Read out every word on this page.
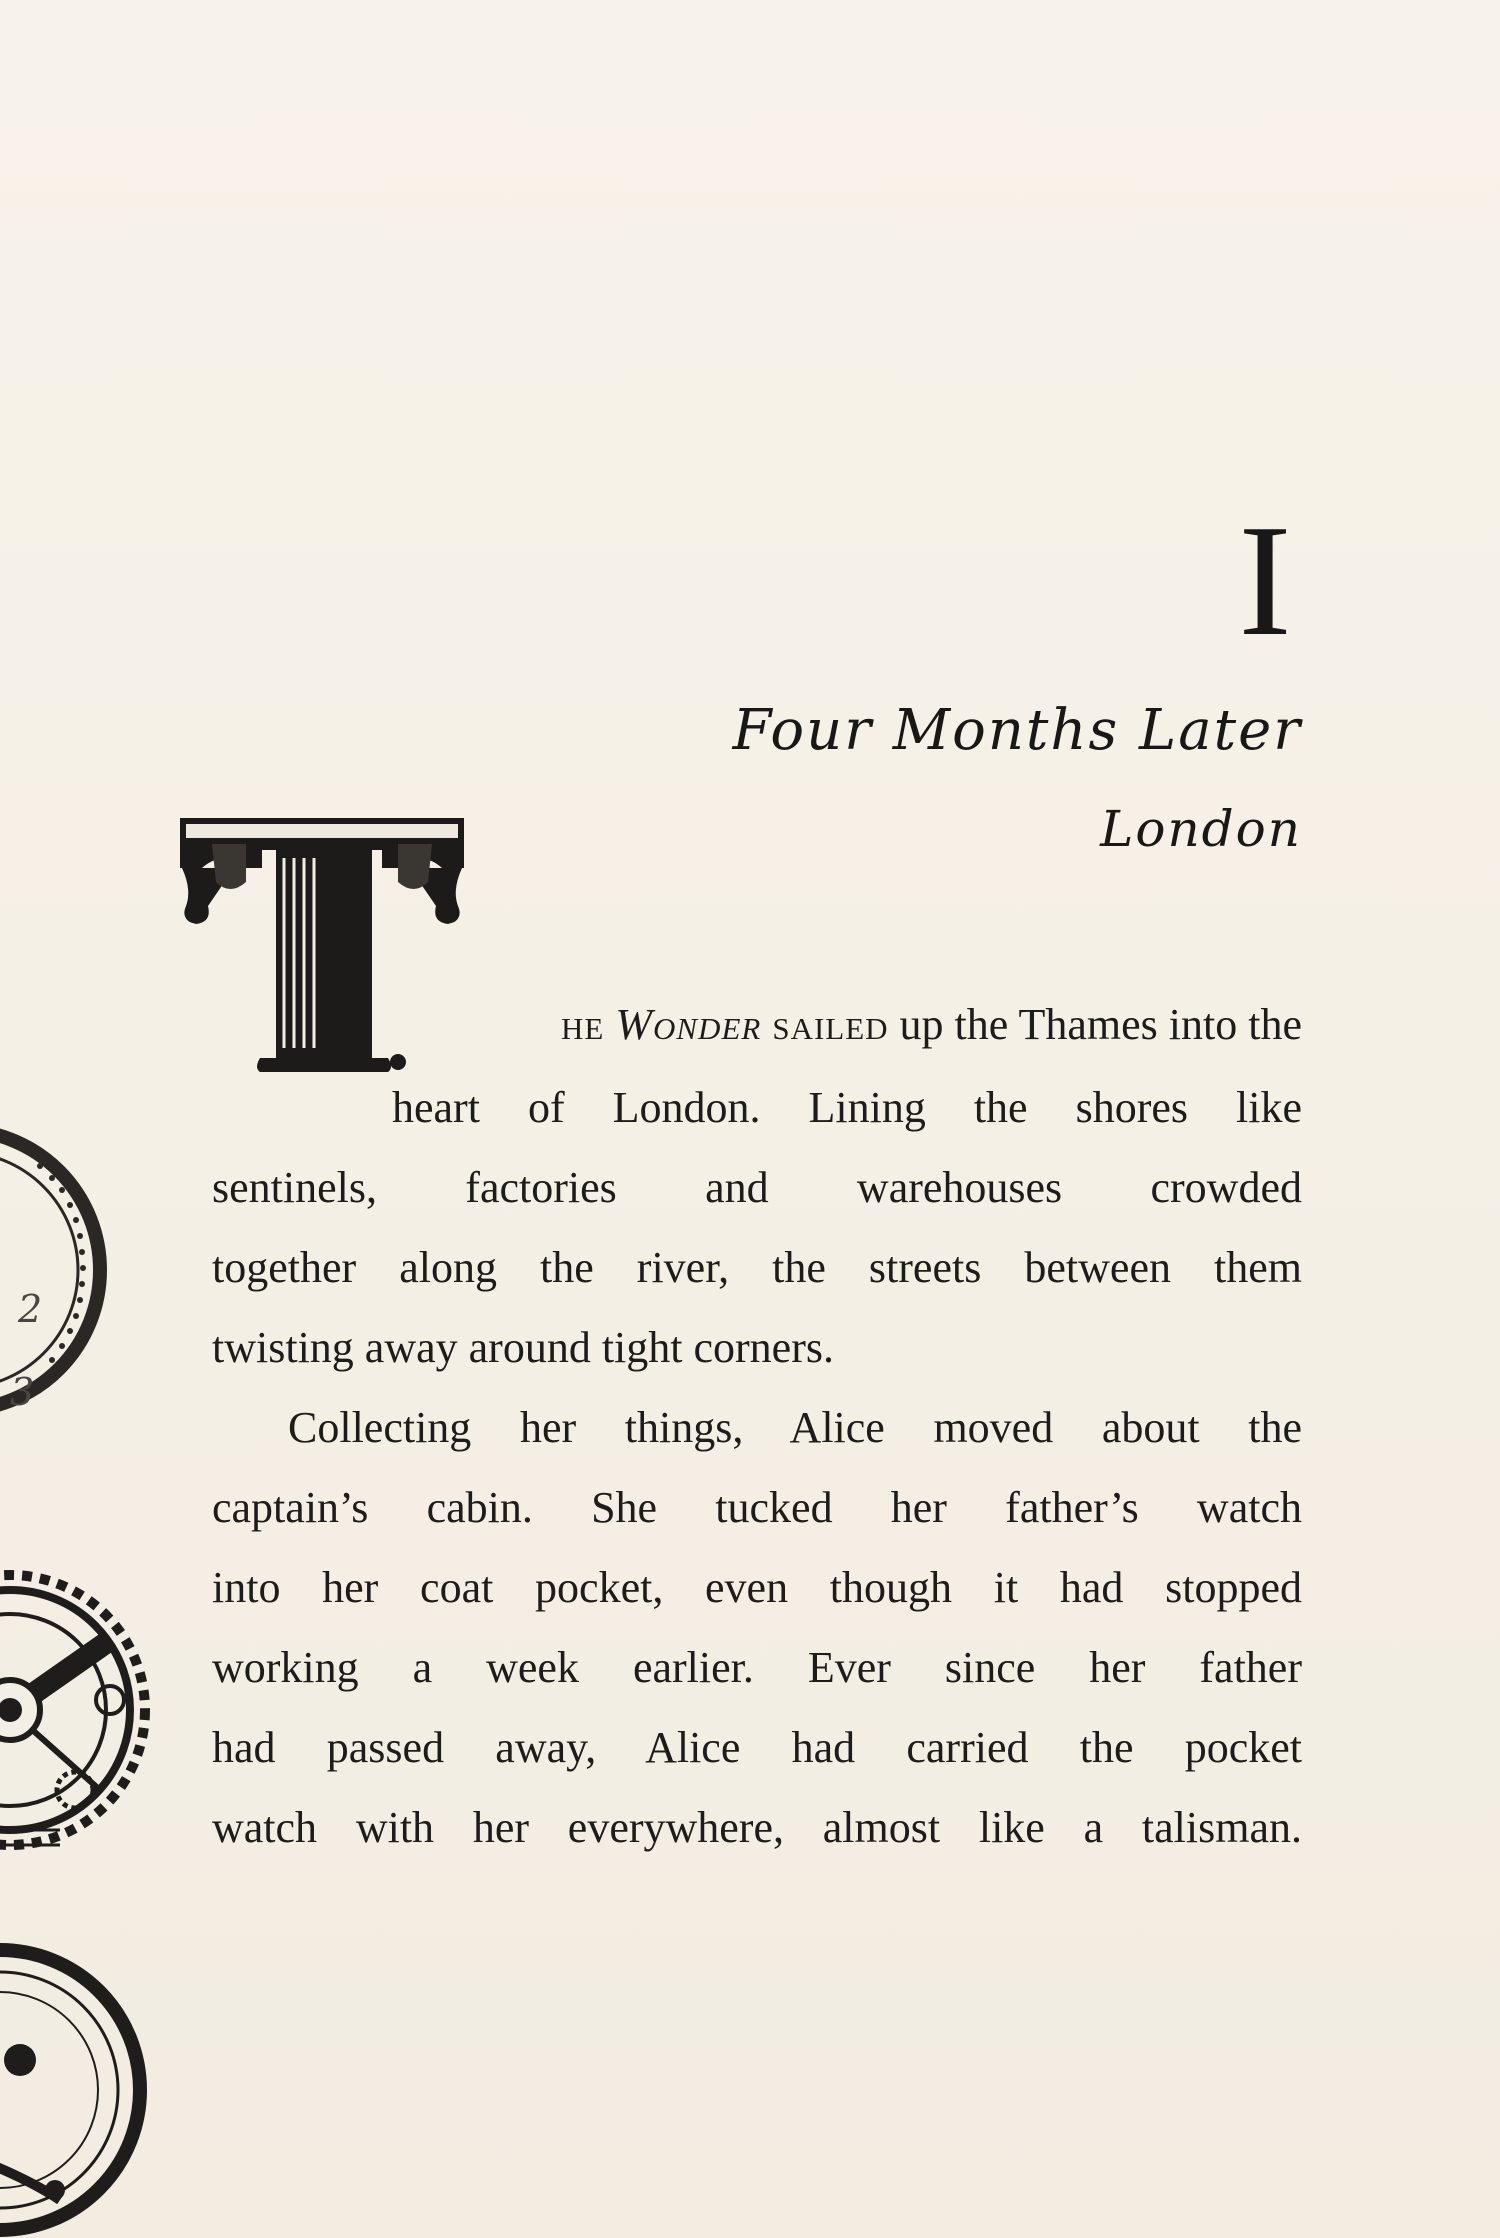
2
3
I
Four Months Later
London
he Wonder sailed up the Thames into the
heart of London. Lining the shores like
sentinels, factories and warehouses crowded
together along the river, the streets between them
twisting away around tight corners.
Collecting her things, Alice moved about the
captain’s cabin. She tucked her father’s watch
into her coat pocket, even though it had stopped
working a week earlier. Ever since her father
had passed away, Alice had carried the pocket
watch with her everywhere, almost like a talisman.
